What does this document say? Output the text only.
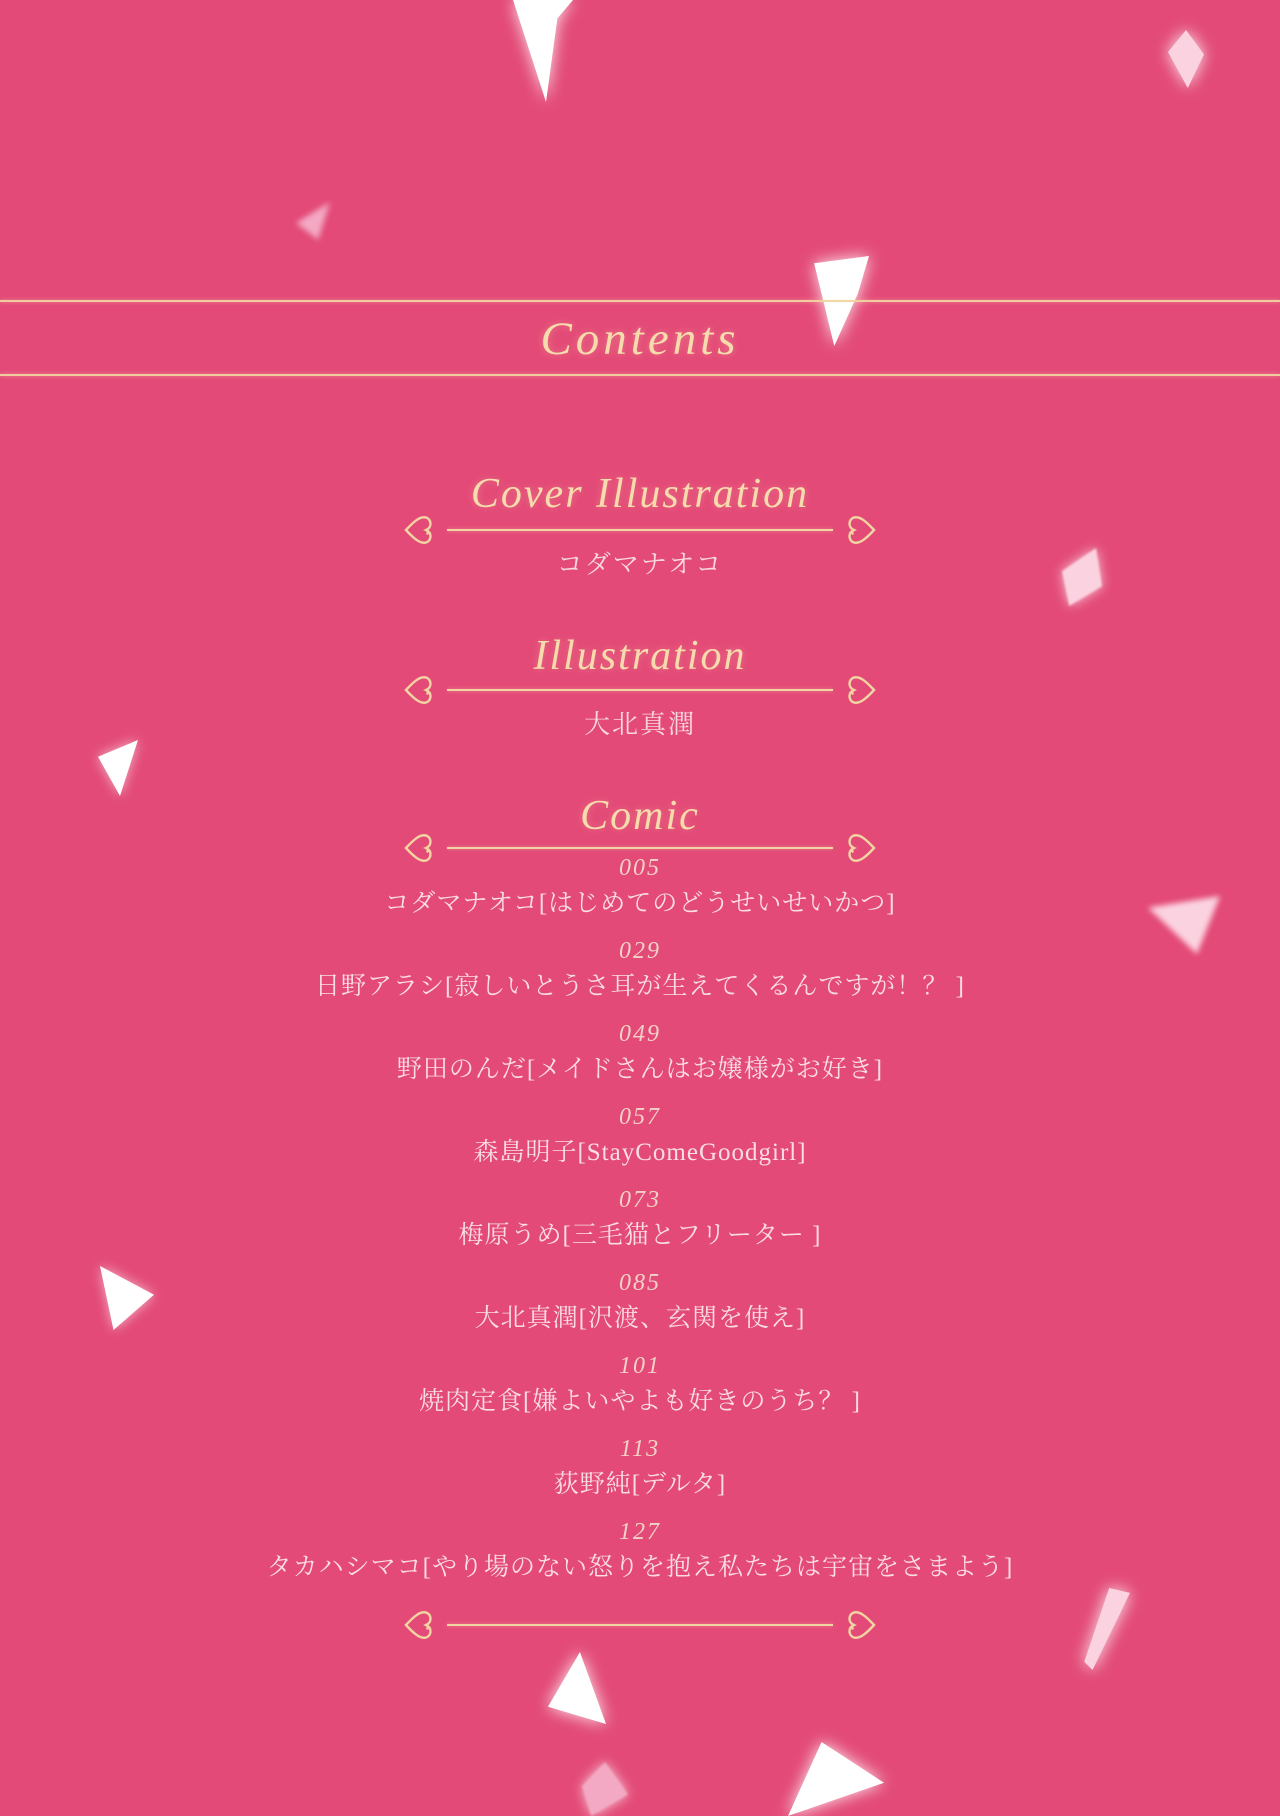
Contents
Cover Illustration
コダマナオコ
Illustration
大北真潤
Comic
005
コダマナオコ[はじめてのどうせいせいかつ]
029
日野アラシ[寂しいとうさ耳が生えてくるんですが！？ ]
049
野田のんだ[メイドさんはお嬢様がお好き]
057
森島明子[StayComeGoodgirl]
073
梅原うめ[三毛猫とフリーター ]
085
大北真潤[沢渡、玄関を使え]
101
焼肉定食[嫌よいやよも好きのうち？ ]
113
荻野純[デルタ]
127
タカハシマコ[やり場のない怒りを抱え私たちは宇宙をさまよう]
